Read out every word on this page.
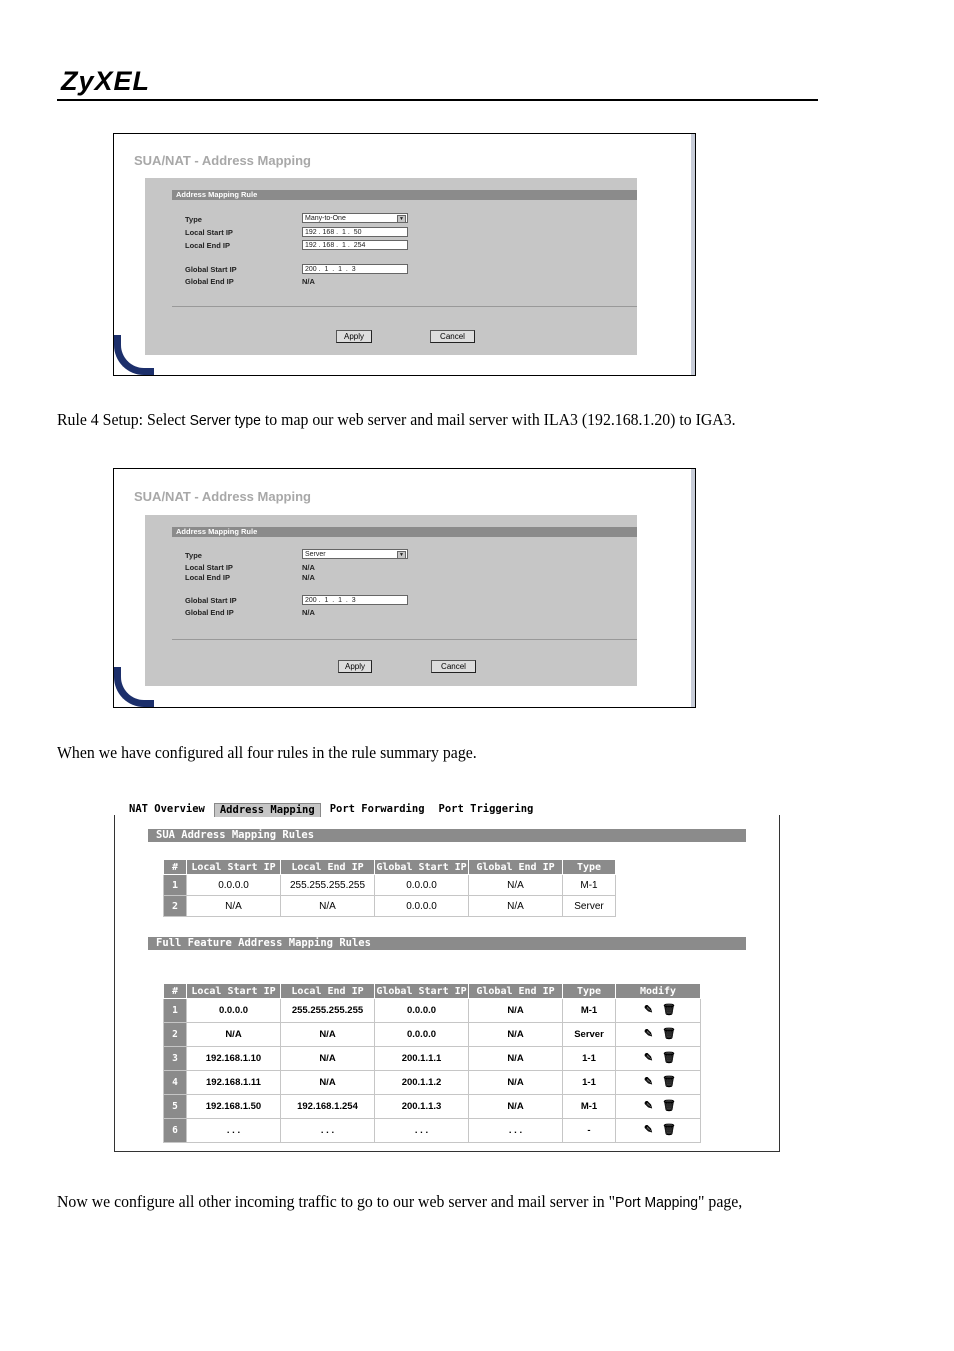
ZyXEL
SUA/NAT - Address Mapping
Address Mapping Rule
Type	Many-to-One	▼
Local Start IP	192 . 168 .  1 .  50
Local End IP	192 . 168 .  1 .  254
Global Start IP	200 .  1  .  1  .  3
Global End IP	N/A
Apply	Cancel
Rule 4 Setup: Select Server type to map our web server and mail server with ILA3 (192.168.1.20) to IGA3.
SUA/NAT - Address Mapping
Address Mapping Rule
Type	Server	▼
Local Start IP	N/A
Local End IP	N/A
Global Start IP	200 .  1  .  1  .  3
Global End IP	N/A
Apply	Cancel
When we have configured all four rules in the rule summary page.
NAT Overview	Address Mapping	Port Forwarding	Port Triggering
SUA Address Mapping Rules
#	Local Start IP	Local End IP	Global Start IP	Global End IP	Type
1	0.0.0.0	255.255.255.255	0.0.0.0	N/A	M-1
2	N/A	N/A	0.0.0.0	N/A	Server
Full Feature Address Mapping Rules
#	Local Start IP	Local End IP	Global Start IP	Global End IP	Type	Modify
1	0.0.0.0	255.255.255.255	0.0.0.0	N/A	M-1	✎ 🗑

2	N/A	N/A	0.0.0.0	N/A	Server	✎ 🗑

3	192.168.1.10	N/A	200.1.1.1	N/A	1-1	✎ 🗑

4	192.168.1.11	N/A	200.1.1.2	N/A	1-1	✎ 🗑

5	192.168.1.50	192.168.1.254	200.1.1.3	N/A	M-1	✎ 🗑

6	. . .	. . .	. . .	. . .	-	✎ 🗑
Now we configure all other incoming traffic to go to our web server and mail server in "Port Mapping" page,
